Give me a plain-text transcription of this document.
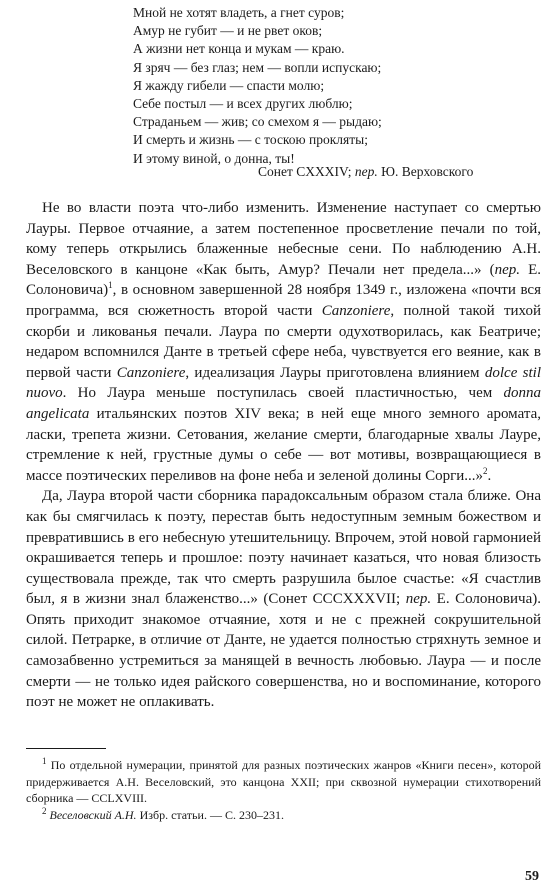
Мной не хотят владеть, а гнет суров;
Амур не губит — и не рвет оков;
А жизни нет конца и мукам — краю.
Я зряч — без глаз; нем — вопли испускаю;
Я жажду гибели — спасти молю;
Себе постыл — и всех других люблю;
Страданьем — жив; со смехом я — рыдаю;
И смерть и жизнь — с тоскою прокляты;
И этому виной, о донна, ты!
Сонет CXXXIV; пер. Ю. Верховского

Не во власти поэта что-либо изменить. Изменение наступает со смертью Лауры. Первое отчаяние, а затем постепенное просветление печали по той, кому теперь открылись блаженные небесные сени. По наблюдению А.Н. Веселовского в канцоне «Как быть, Амур? Печали нет предела...» (пер. Е. Солоновича)$^1$, в основном завершенной 28 ноября 1349 г., изложена «почти вся программа, вся сюжетность второй части Canzoniere, полной такой тихой скорби и ликованья печали. Лаура по смерти одухотворилась, как Беатриче; недаром вспомнился Данте в третьей сфере неба, чувствуется его веяние, как в первой части Canzoniere, идеализация Лауры приготовлена влиянием dolce stil nuovo. Но Лаура меньше поступилась своей пластичностью, чем donna angelicata итальянских поэтов XIV века; в ней еще много земного аромата, ласки, трепета жизни. Сетования, желание смерти, благодарные хвалы Лауре, стремление к ней, грустные думы о себе — вот мотивы, возвращающиеся в массе поэтических переливов на фоне неба и зеленой долины Сорги...»$^2$.

Да, Лаура второй части сборника парадоксальным образом стала ближе. Она как бы смягчилась к поэту, перестав быть недоступным земным божеством и превратившись в его небесную утешительницу. Впрочем, этой новой гармонией окрашивается теперь и прошлое: поэту начинает казаться, что новая близость существовала прежде, так что смерть разрушила былое счастье: «Я счастлив был, я в жизни знал блаженство...» (Сонет CCCXXXVII; пер. Е. Солоновича). Опять приходит знакомое отчаяние, хотя и не с прежней сокрушительной силой. Петрарке, в отличие от Данте, не удается полностью стряхнуть земное и самозабвенно устремиться за манящей в вечность любовью. Лаура — и после смерти — не только идея райского совершенства, но и воспоминание, которого поэт не может не оплакивать.

$^1$ По отдельной нумерации, принятой для разных поэтических жанров «Книги песен», которой придерживается А.Н. Веселовский, это канцона XXII; при сквозной нумерации стихотворений сборника — CCLXVIII.

$^2$ Веселовский А.Н. Избр. статьи. — С. 230–231.

59
